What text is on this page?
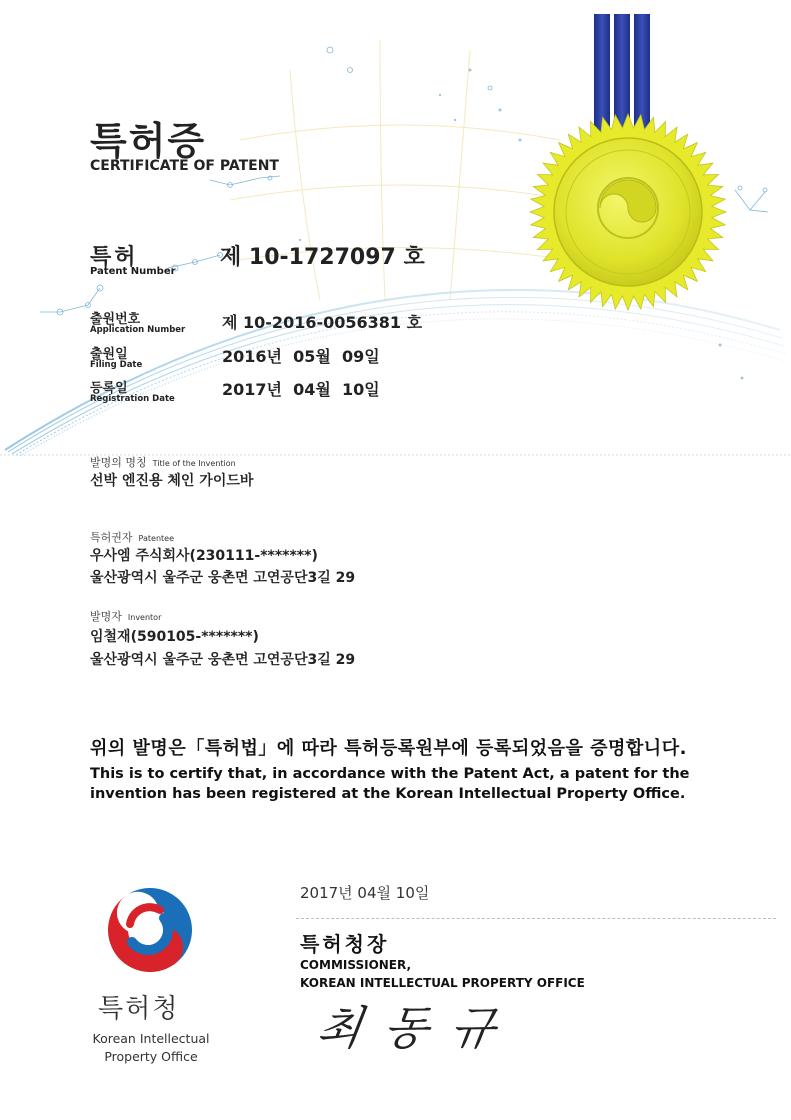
특허증
CERTIFICATE OF PATENT
특허
Patent Number
제 10-1727097 호
출원번호
Application Number 제 10-2016-0056381 호
출원일
Filing Date	2016년  05월  09일
등록일
Registration Date	2017년  04월  10일
발명의 명칭 Title of the Invention
선박 엔진용 체인 가이드바
특허권자 Patentee
우사엠 주식회사(230111-*******)
울산광역시 울주군 웅촌면 고연공단3길 29
발명자 Inventor
임철재(590105-*******)
울산광역시 울주군 웅촌면 고연공단3길 29
위의 발명은「특허법」에 따라 특허등록원부에 등록되었음을 증명합니다.
This is to certify that, in accordance with the Patent Act, a patent for the invention has been registered at the Korean Intellectual Property Office.
특허청
Korean Intellectual Property Office
2017년 04월 10일
특허청장
COMMISSIONER,
KOREAN INTELLECTUAL PROPERTY OFFICE
최동규
